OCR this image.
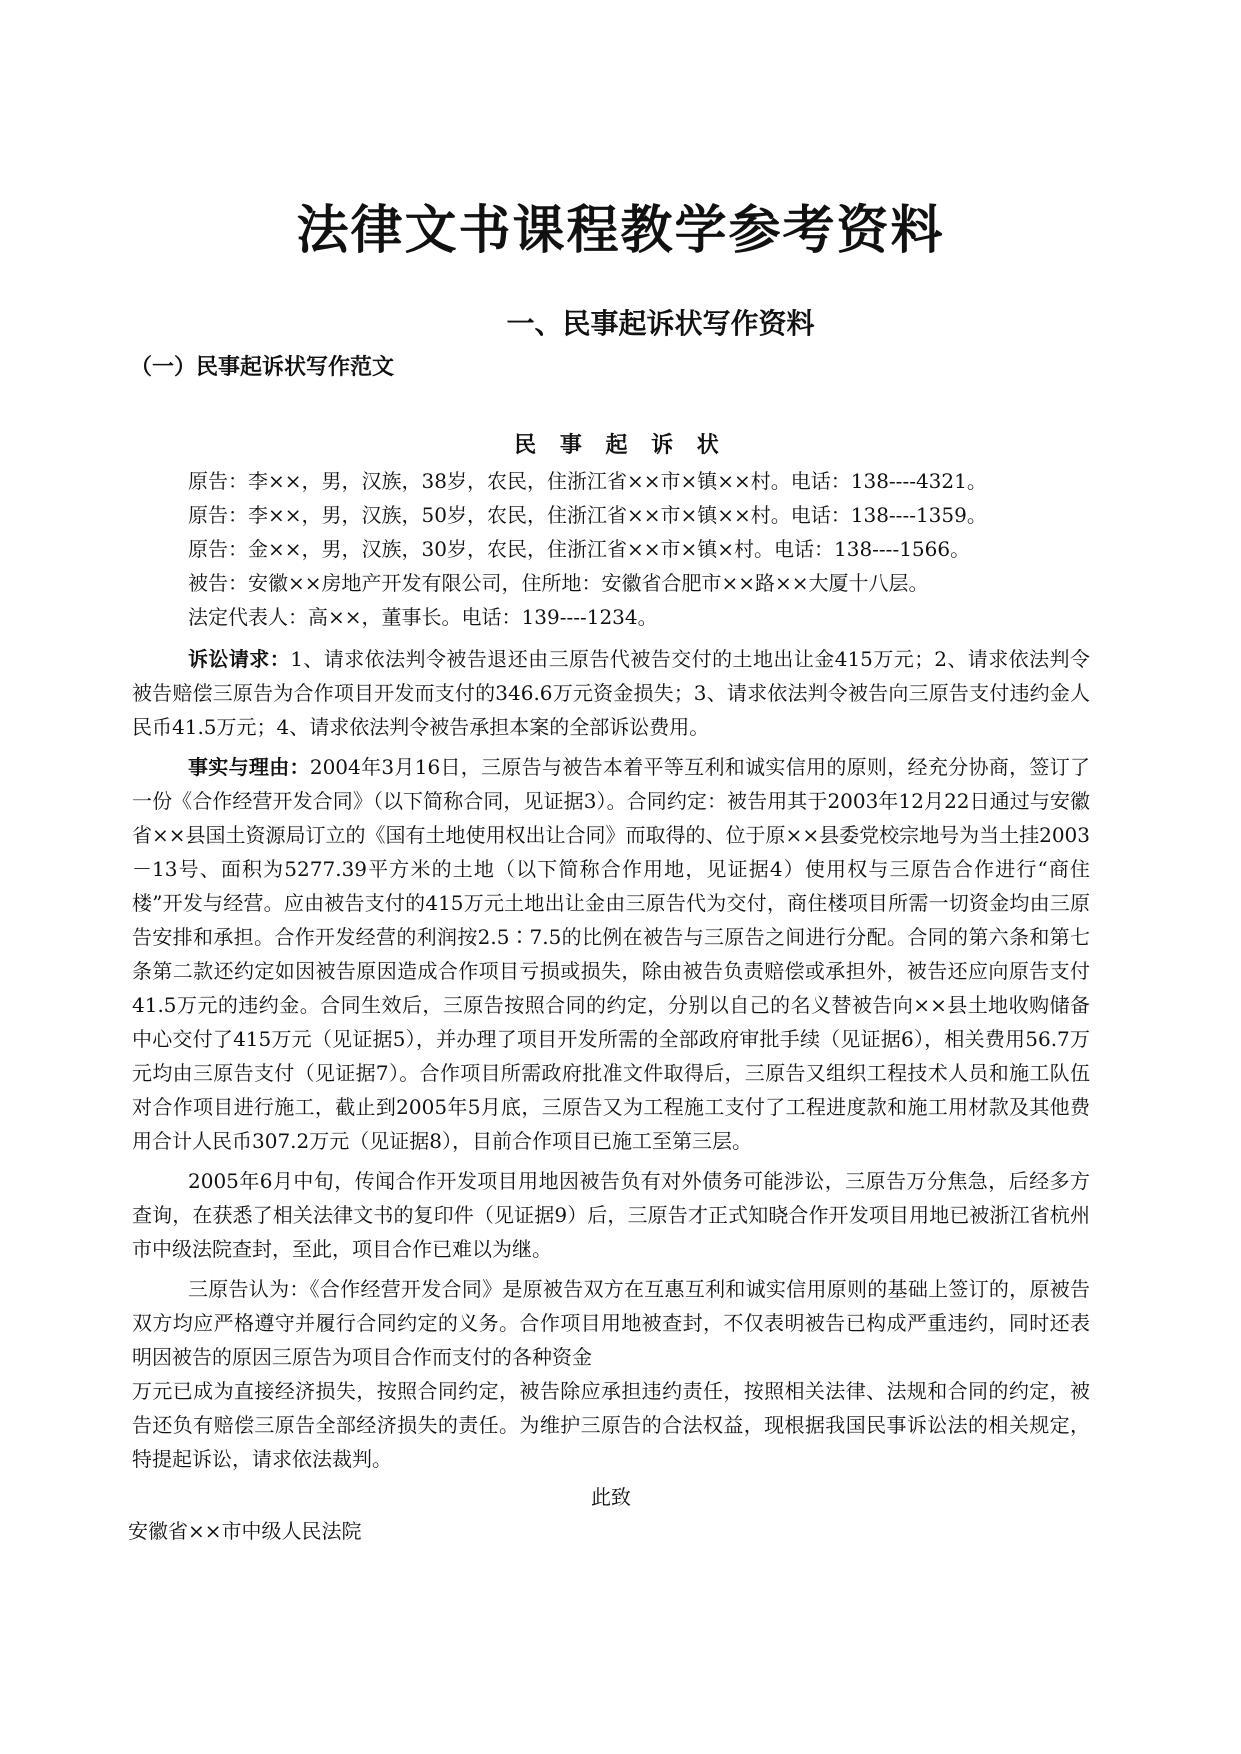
法律文书课程教学参考资料
一、民事起诉状写作资料
（一）民事起诉状写作范文
民 事 起 诉 状

原告：李××，男，汉族，38岁，农民，住浙江省××市×镇××村。电话：138----4321。

原告：李××，男，汉族，50岁，农民，住浙江省××市×镇××村。电话：138----1359。

原告：金××，男，汉族，30岁，农民，住浙江省××市×镇×村。电话：138----1566。

被告：安徽××房地产开发有限公司，住所地：安徽省合肥市××路××大厦十八层。

法定代表人：高××，董事长。电话：139----1234。

诉讼请求：1、请求依法判令被告退还由三原告代被告交付的土地出让金415万元；2、请求依法判令被告赔偿三原告为合作项目开发而支付的346.6万元资金损失；3、请求依法判令被告向三原告支付违约金人民币41.5万元；4、请求依法判令被告承担本案的全部诉讼费用。

事实与理由：2004年3月16日，三原告与被告本着平等互利和诚实信用的原则，经充分协商，签订了一份《合作经营开发合同》（以下简称合同，见证据3）。合同约定：被告用其于2003年12月22日通过与安徽省××县国土资源局订立的《国有土地使用权出让合同》而取得的、位于原××县委党校宗地号为当土挂2003－13号、面积为5277.39平方米的土地（以下简称合作用地，见证据4）使用权与三原告合作进行“商住楼”开发与经营。应由被告支付的415万元土地出让金由三原告代为交付，商住楼项目所需一切资金均由三原告安排和承担。合作开发经营的利润按2.5∶7.5的比例在被告与三原告之间进行分配。合同的第六条和第七条第二款还约定如因被告原因造成合作项目亏损或损失，除由被告负责赔偿或承担外，被告还应向原告支付41.5万元的违约金。合同生效后，三原告按照合同的约定，分别以自己的名义替被告向××县土地收购储备中心交付了415万元（见证据5），并办理了项目开发所需的全部政府审批手续（见证据6），相关费用56.7万元均由三原告支付（见证据7）。合作项目所需政府批准文件取得后，三原告又组织工程技术人员和施工队伍对合作项目进行施工，截止到2005年5月底，三原告又为工程施工支付了工程进度款和施工用材款及其他费用合计人民币307.2万元（见证据8），目前合作项目已施工至第三层。

2005年6月中旬，传闻合作开发项目用地因被告负有对外债务可能涉讼，三原告万分焦急，后经多方查询，在获悉了相关法律文书的复印件（见证据9）后，三原告才正式知晓合作开发项目用地已被浙江省杭州市中级法院查封，至此，项目合作已难以为继。

三原告认为：《合作经营开发合同》是原被告双方在互惠互利和诚实信用原则的基础上签订的，原被告双方均应严格遵守并履行合同约定的义务。合作项目用地被查封，不仅表明被告已构成严重违约，同时还表明因被告的原因三原告为项目合作而支付的各种资金

万元已成为直接经济损失，按照合同约定，被告除应承担违约责任，按照相关法律、法规和合同的约定，被告还负有赔偿三原告全部经济损失的责任。为维护三原告的合法权益，现根据我国民事诉讼法的相关规定，特提起诉讼，请求依法裁判。

此致

安徽省××市中级人民法院
